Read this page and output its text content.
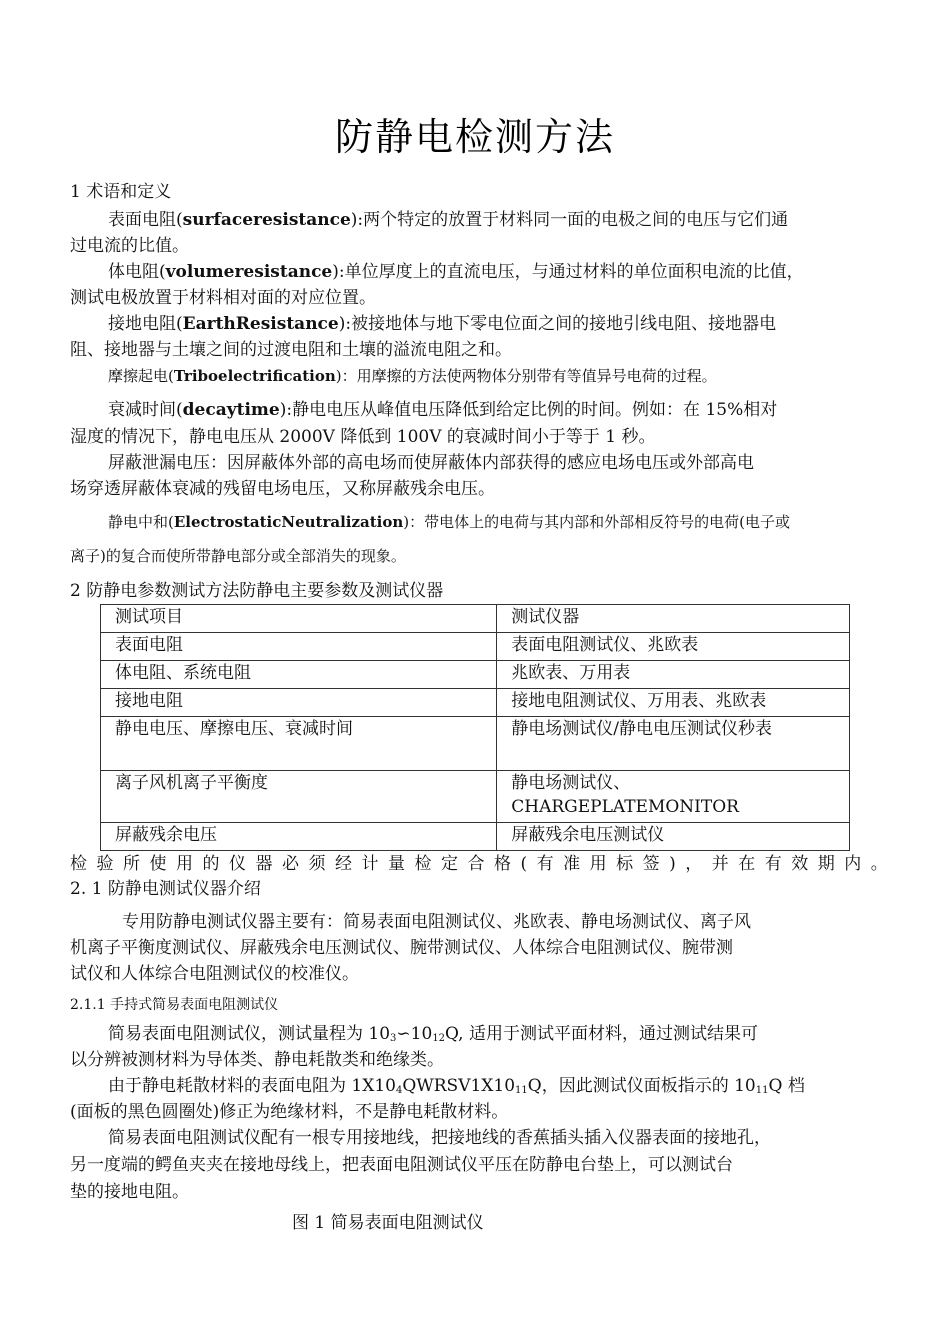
防静电检测方法
1 术语和定义
表面电阻(surfaceresistance):两个特定的放置于材料同一面的电极之间的电压与它们通
过电流的比值。
体电阻(volumeresistance):单位厚度上的直流电压，与通过材料的单位面积电流的比值，
测试电极放置于材料相对面的对应位置。
接地电阻(EarthResistance):被接地体与地下零电位面之间的接地引线电阻、接地器电
阻、接地器与土壤之间的过渡电阻和土壤的溢流电阻之和。
摩擦起电(Triboelectrification)：用摩擦的方法使两物体分别带有等值异号电荷的过程。
衰减时间(decaytime):静电电压从峰值电压降低到给定比例的时间。例如：在 15%相对
湿度的情况下，静电电压从 2000V 降低到 100V 的衰减时间小于等于 1 秒。
屏蔽泄漏电压：因屏蔽体外部的高电场而使屏蔽体内部获得的感应电场电压或外部高电
场穿透屏蔽体衰减的残留电场电压，又称屏蔽残余电压。
静电中和(ElectrostaticNeutralization)：带电体上的电荷与其内部和外部相反符号的电荷(电子或
离子)的复合而使所带静电部分或全部消失的现象。
2 防静电参数测试方法防静电主要参数及测试仪器
测试项目	测试仪器
表面电阻	表面电阻测试仪、兆欧表
体电阻、系统电阻	兆欧表、万用表
接地电阻	接地电阻测试仪、万用表、兆欧表
静电电压、摩擦电压、衰减时间	静电场测试仪/静电电压测试仪秒表
离子风机离子平衡度	静电场测试仪、
CHARGEPLATEMONITOR

屏蔽残余电压	屏蔽残余电压测试仪
检验所使用的仪器必须经计量检定合格(有准用标签)，并在有效期内。
2. 1 防静电测试仪器介绍
专用防静电测试仪器主要有：简易表面电阻测试仪、兆欧表、静电场测试仪、离子风
机离子平衡度测试仪、屏蔽残余电压测试仪、腕带测试仪、人体综合电阻测试仪、腕带测
试仪和人体综合电阻测试仪的校准仪。
2.1.1 手持式简易表面电阻测试仪
简易表面电阻测试仪，测试量程为 $10_3∽10_{12}Q$, 适用于测试平面材料，通过测试结果可
以分辨被测材料为导体类、静电耗散类和绝缘类。
由于静电耗散材料的表面电阻为 $1X10_4QWRSV1X10_{11}Q$，因此测试仪面板指示的 $10_{11}Q$ 档
(面板的黑色圆圈处)修正为绝缘材料，不是静电耗散材料。
简易表面电阻测试仪配有一根专用接地线，把接地线的香蕉插头插入仪器表面的接地孔，
另一度端的鳄鱼夹夹在接地母线上，把表面电阻测试仪平压在防静电台垫上，可以测试台
垫的接地电阻。
图 1 简易表面电阻测试仪
